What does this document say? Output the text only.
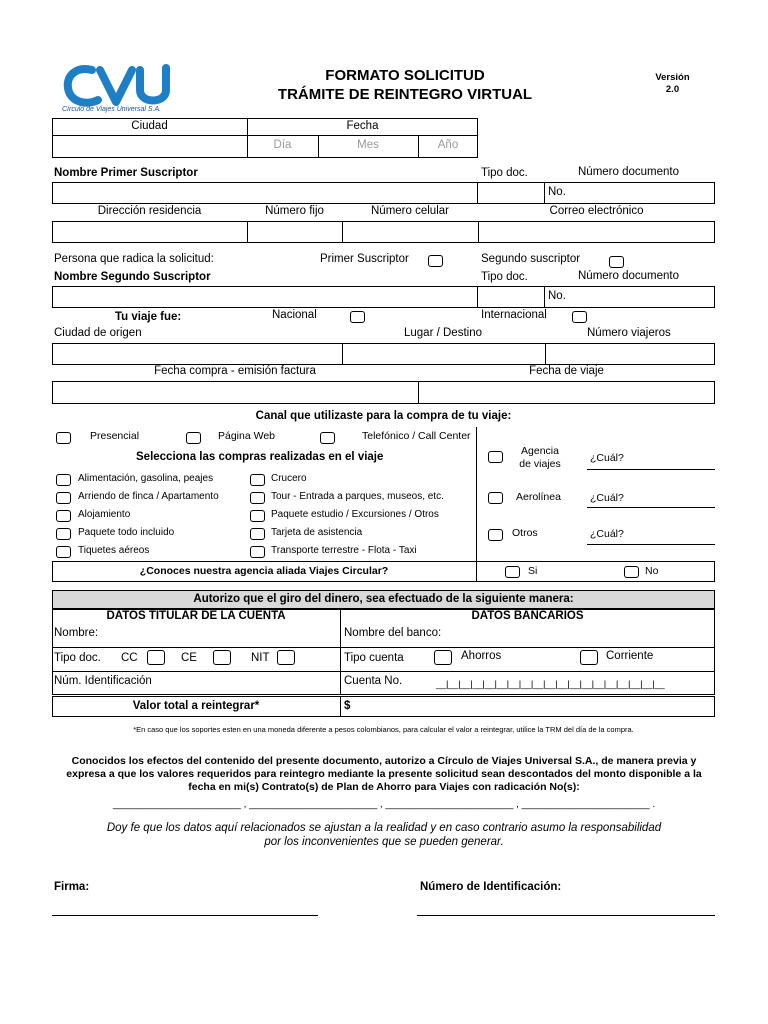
Círculo de Viajes Universal S.A.
FORMATO SOLICITUD
TRÁMITE DE REINTEGRO VIRTUAL
Versión
2.0
Ciudad	Fecha
Día	Mes	Año
Nombre Primer Suscriptor	Tipo doc.	Número documento
No.
Dirección residencia	Número fijo	Número celular	Correo electrónico
Persona que radica la solicitud:	Primer Suscriptor	Segundo suscriptor
Nombre Segundo Suscriptor	Tipo doc.	Número documento
No.
Tu viaje fue:	Nacional	Internacional
Ciudad de origen	Lugar / Destino	Número viajeros
Fecha compra - emisión factura	Fecha de viaje
Canal que utilizaste para la compra de tu viaje:
Presencial	Página Web	Telefónico / Call Center
Agencia
de viajes	¿Cuál?
Aerolínea	¿Cuál?
Otros	¿Cuál?
Selecciona las compras realizadas en el viaje
Alimentación, gasolina, peajes
Arriendo de finca / Apartamento
Alojamiento
Paquete todo incluido
Tiquetes aéreos
Crucero
Tour - Entrada a parques, museos, etc.
Paquete estudio / Excursiones / Otros
Tarjeta de asistencia
Transporte terrestre - Flota - Taxi
¿Conoces nuestra agencia aliada Viajes Circular?	Si	No
Autorizo que el giro del dinero, sea efectuado de la siguiente manera:
DATOS TITULAR DE LA CUENTA	DATOS BANCARIOS
Nombre:	Nombre del banco:
Tipo doc. CC	CE	NIT	Tipo cuenta	Ahorros	Corriente
Núm. Identificación	Cuenta No.	__|__|__|__|__|__|__|__|__|__|__|__|__|__|__|__|__|__|__
Valor total a reintegrar*	$
*En caso que los soportes esten en una moneda diferente a pesos colombianos, para calcular el valor a reintegrar, utilice la TRM del día de la compra.
Conocidos los efectos del contenido del presente documento, autorizo a Círculo de Viajes Universal S.A., de manera previa y
expresa a que los valores requeridos para reintegro mediante la presente solicitud sean descontados del monto disponible a la
fecha en mi(s) Contrato(s) de Plan de Ahorro para Viajes con radicación No(s):
_______________________ , _______________________ , _______________________ , _______________________ .
Doy fe que los datos aquí relacionados se ajustan a la realidad y en caso contrario asumo la responsabilidad
por los inconvenientes que se pueden generar.
Firma:	Número de Identificación:
